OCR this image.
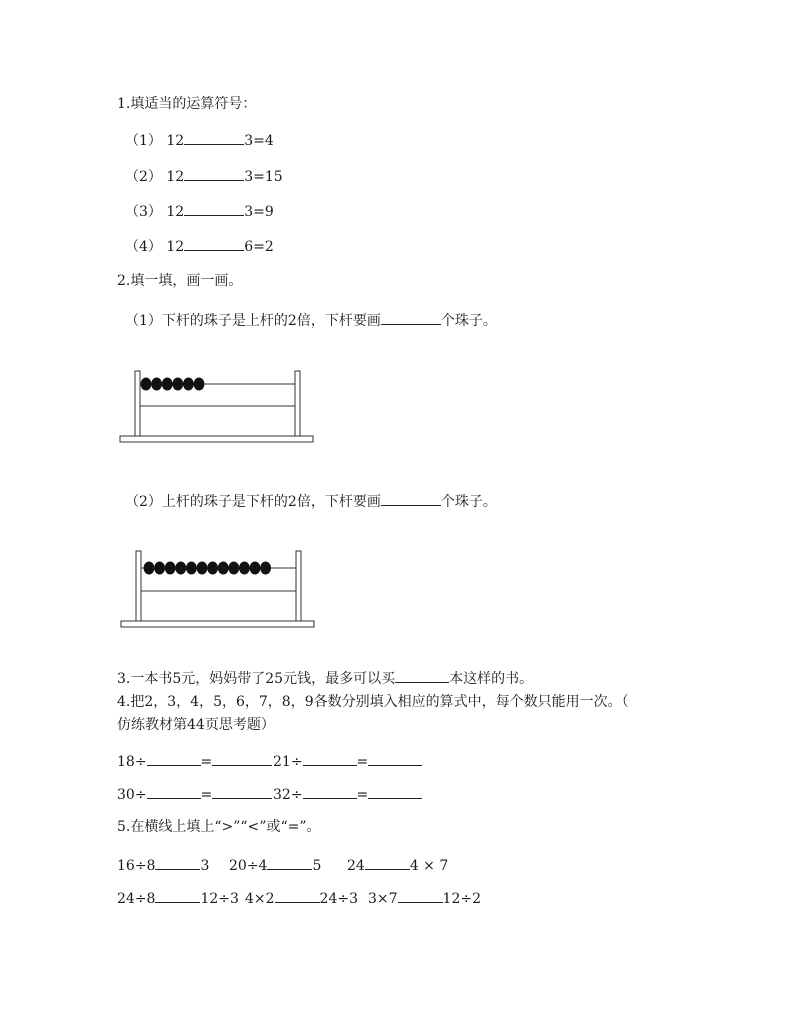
1.填适当的运算符号：
（1） 12	3=4
（2） 12	3=15
（3） 12	3=9
（4） 12	6=2
2.填一填，画一画。
（1）下杆的珠子是上杆的2倍，下杆要画	个珠子。
（2）上杆的珠子是下杆的2倍，下杆要画	个珠子。
3.一本书5元，妈妈带了25元钱，最多可以买	本这样的书。
4.把2，3，4，5，6，7，8，9各数分别填入相应的算式中，每个数只能用一次。（
仿练教材第44页思考题）
18÷	=	21÷	=
30÷	=	32÷	=
5.在横线上填上“>”“<”或“=”。
16÷8	3 20÷4	5 24	4 × 7
24÷8	12÷3 4×2	24÷3 3×7	12÷2
